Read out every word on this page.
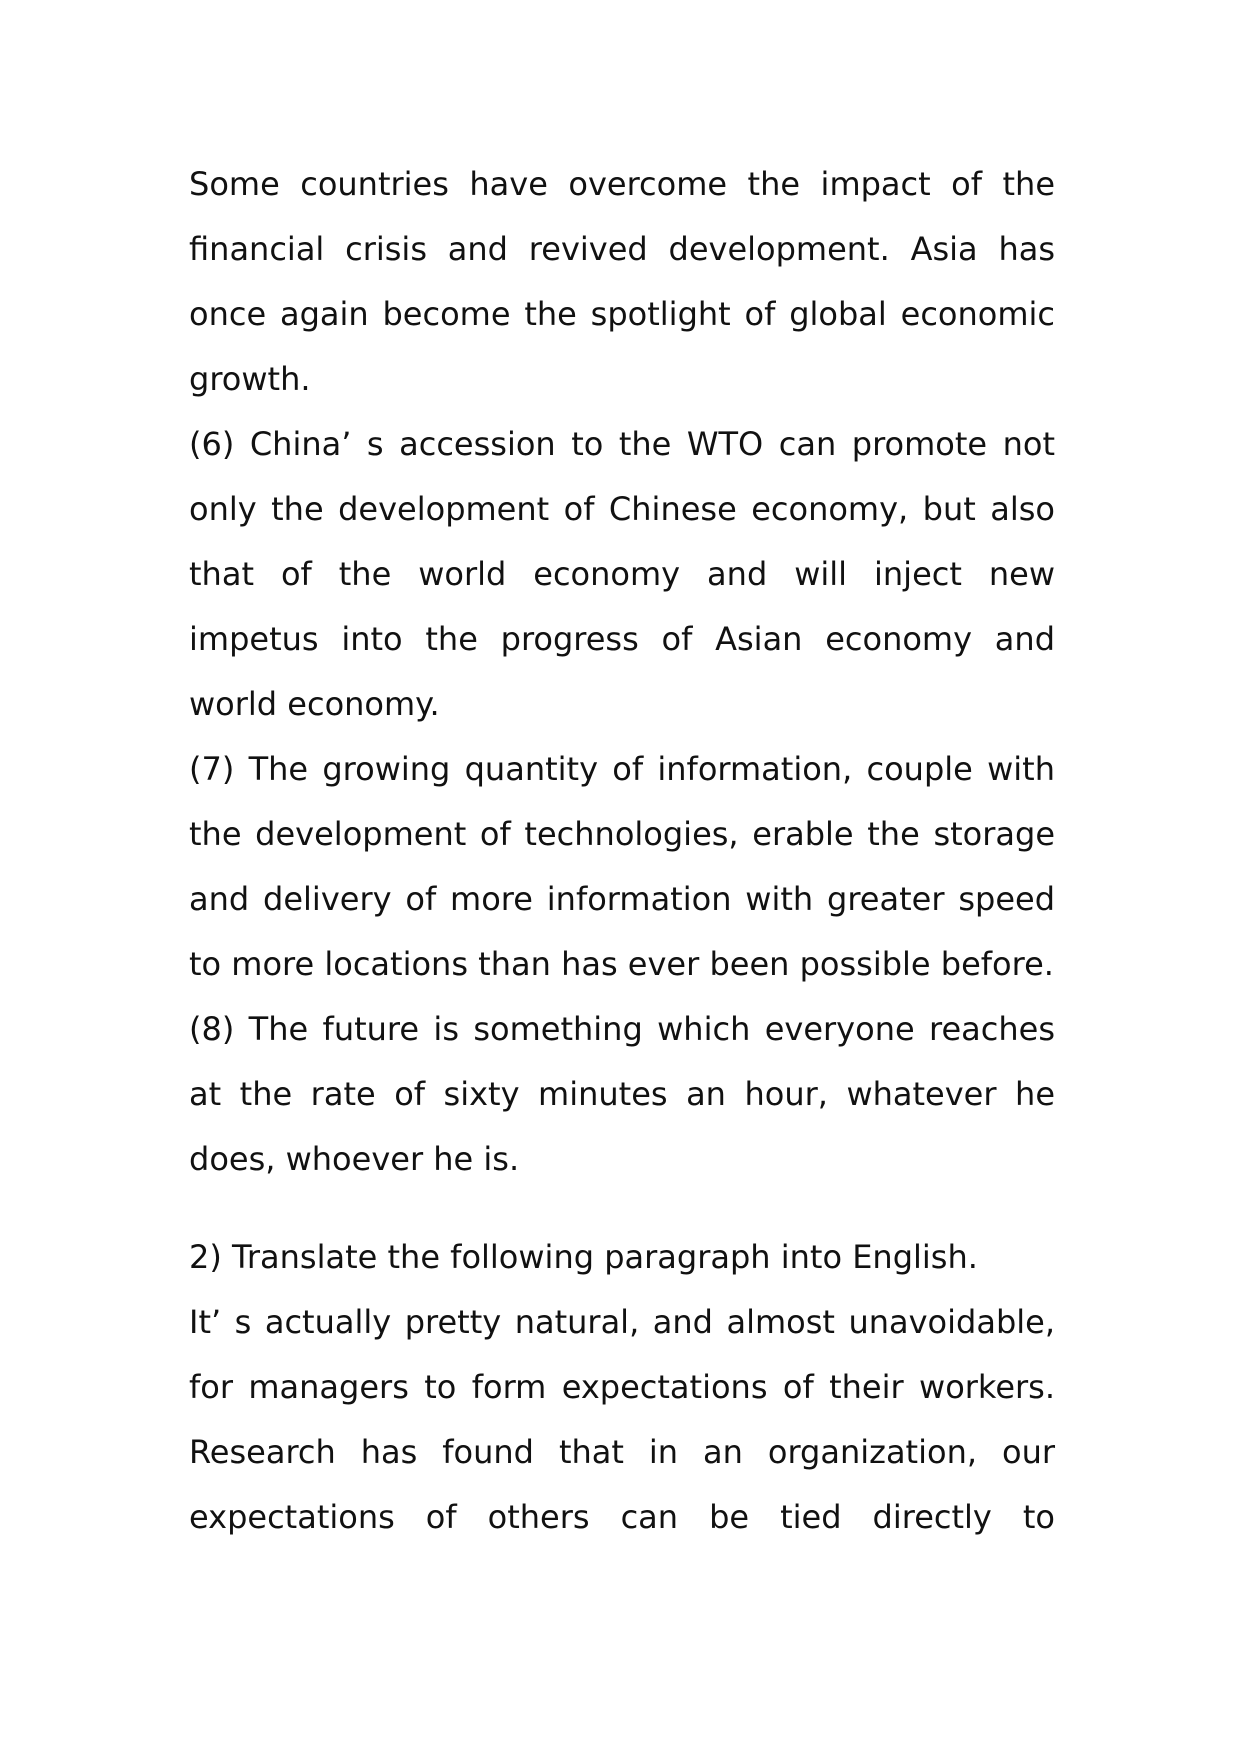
Some countries have overcome the impact of the financial crisis and revived development. Asia has once again become the spotlight of global economic growth.

(6) China’ s accession to the WTO can promote not only the development of Chinese economy, but also that of the world economy and will inject new impetus into the progress of Asian economy and world economy.

(7) The growing quantity of information, couple with the development of technologies, erable the storage and delivery of more information with greater speed to more locations than has ever been possible before.

(8) The future is something which everyone reaches at the rate of sixty minutes an hour, whatever he does, whoever he is.

2) Translate the following paragraph into English.

It’ s actually pretty natural, and almost unavoidable, for managers to form expectations of their workers. Research has found that in an organization, our expectations of others can be tied directly to
